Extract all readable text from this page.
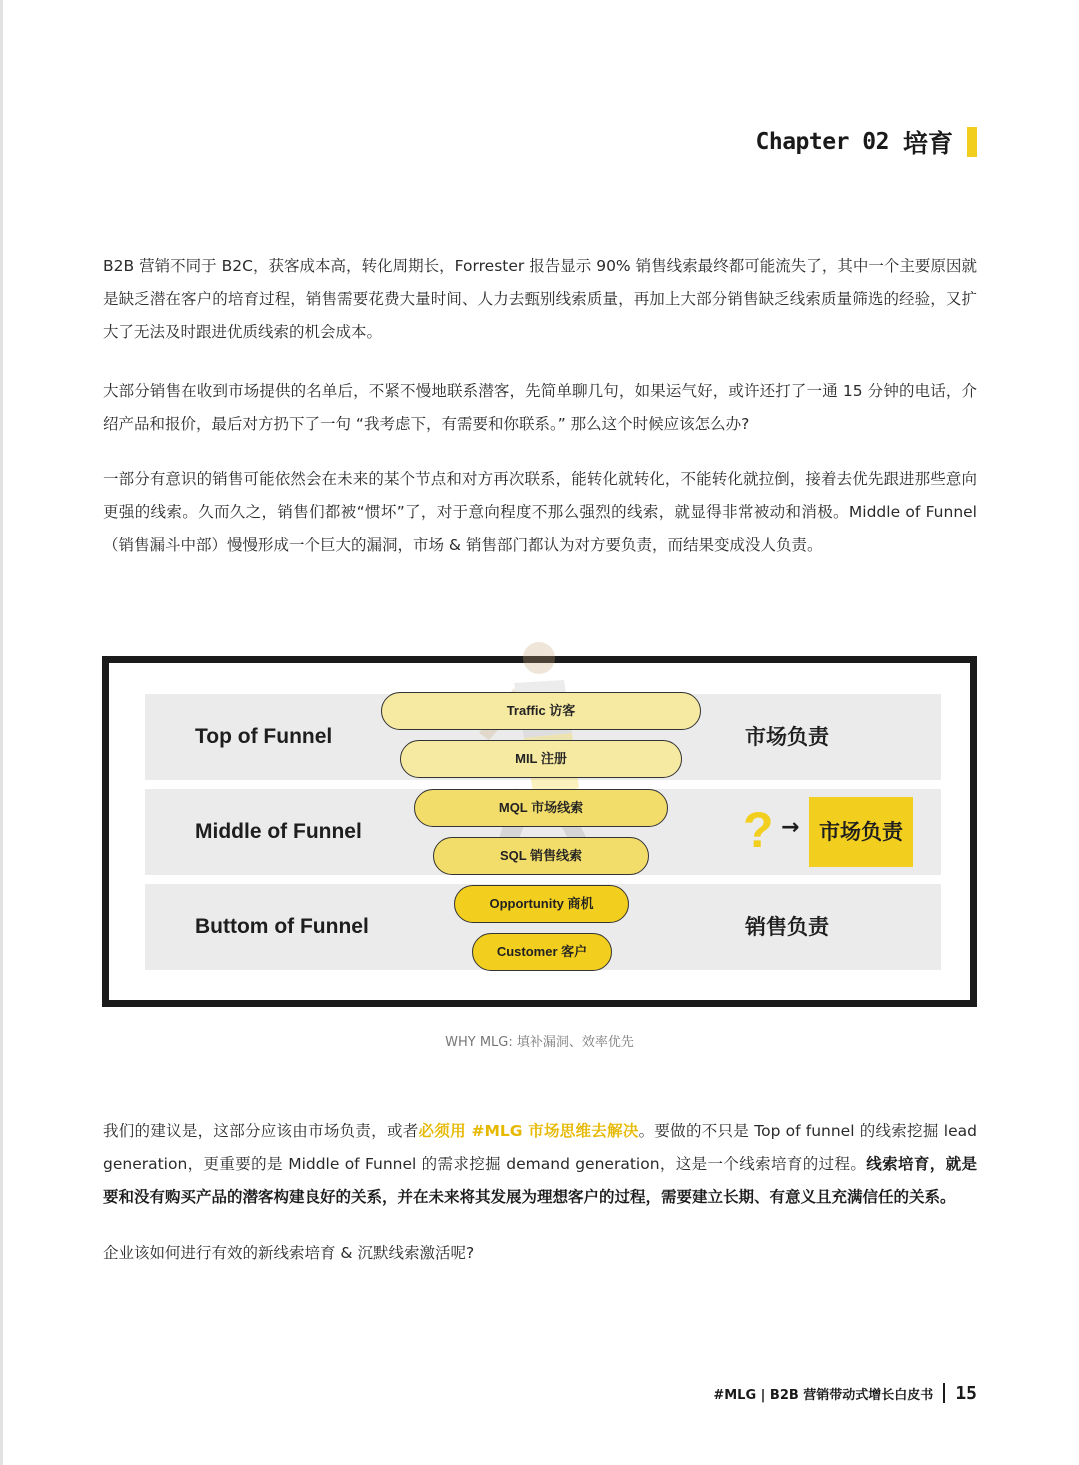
Chapter 02 培育

B2B 营销不同于 B2C，获客成本高，转化周期长，Forrester 报告显示 90% 销售线索最终都可能流失了，其中一个主要原因就是缺乏潜在客户的培育过程，销售需要花费大量时间、人力去甄别线索质量，再加上大部分销售缺乏线索质量筛选的经验，又扩大了无法及时跟进优质线索的机会成本。

大部分销售在收到市场提供的名单后，不紧不慢地联系潜客，先简单聊几句，如果运气好，或许还打了一通 15 分钟的电话，介绍产品和报价，最后对方扔下了一句 “我考虑下，有需要和你联系。” 那么这个时候应该怎么办?

一部分有意识的销售可能依然会在未来的某个节点和对方再次联系，能转化就转化，不能转化就拉倒，接着去优先跟进那些意向更强的线索。久而久之，销售们都被“惯坏”了，对于意向程度不那么强烈的线索，就显得非常被动和消极。Middle of Funnel（销售漏斗中部）慢慢形成一个巨大的漏洞，市场 & 销售部门都认为对方要负责，而结果变成没人负责。

Top of Funnel	市场负责
Middle of Funnel	? → 市场负责
Buttom of Funnel	销售负责
Traffic 访客
MIL 注册
MQL 市场线索
SQL 销售线索
Opportunity 商机
Customer 客户
WHY MLG: 填补漏洞、效率优先

我们的建议是，这部分应该由市场负责，或者必须用 #MLG 市场思维去解决。要做的不只是 Top of funnel 的线索挖掘 lead generation，更重要的是 Middle of Funnel 的需求挖掘 demand generation，这是一个线索培育的过程。线索培育，就是要和没有购买产品的潜客构建良好的关系，并在未来将其发展为理想客户的过程，需要建立长期、有意义且充满信任的关系。

企业该如何进行有效的新线索培育 & 沉默线索激活呢?

#MLG | B2B 营销带动式增长白皮书 15
